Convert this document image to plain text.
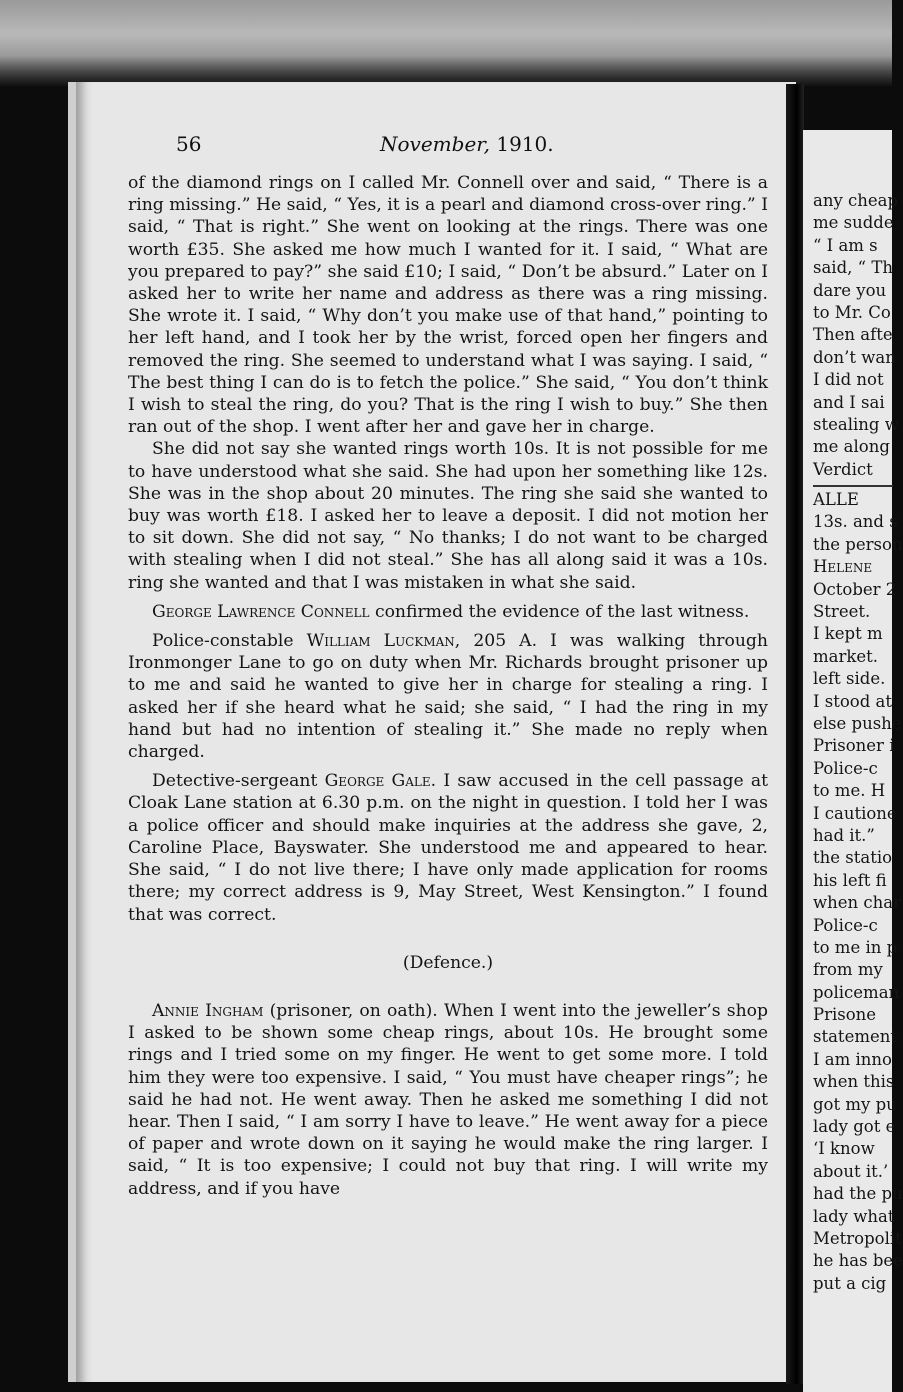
56	November, 1910.

of the diamond rings on I called Mr. Connell over and said, “ There is a ring missing.” He said, “ Yes, it is a pearl and diamond cross-over ring.” I said, “ That is right.” She went on looking at the rings. There was one worth £35. She asked me how much I wanted for it. I said, “ What are you prepared to pay?” she said £10; I said, “ Don’t be absurd.” Later on I asked her to write her name and address as there was a ring missing. She wrote it. I said, “ Why don’t you make use of that hand,” pointing to her left hand, and I took her by the wrist, forced open her fingers and removed the ring. She seemed to understand what I was saying. I said, “ The best thing I can do is to fetch the police.” She said, “ You don’t think I wish to steal the ring, do you? That is the ring I wish to buy.” She then ran out of the shop. I went after her and gave her in charge.

She did not say she wanted rings worth 10s. It is not possible for me to have understood what she said. She had upon her something like 12s. She was in the shop about 20 minutes. The ring she said she wanted to buy was worth £18. I asked her to leave a deposit. I did not motion her to sit down. She did not say, “ No thanks; I do not want to be charged with stealing when I did not steal.” She has all along said it was a 10s. ring she wanted and that I was mistaken in what she said.

George Lawrence Connell confirmed the evidence of the last witness.

Police-constable William Luckman, 205 A. I was walking through Ironmonger Lane to go on duty when Mr. Richards brought prisoner up to me and said he wanted to give her in charge for stealing a ring. I asked her if she heard what he said; she said, “ I had the ring in my hand but had no intention of stealing it.” She made no reply when charged.

Detective-sergeant George Gale. I saw accused in the cell passage at Cloak Lane station at 6.30 p.m. on the night in question. I told her I was a police officer and should make inquiries at the address she gave, 2, Caroline Place, Bayswater. She understood me and appeared to hear. She said, “ I do not live there; I have only made application for rooms there; my correct address is 9, May Street, West Kensington.” I found that was correct.

(Defence.)

Annie Ingham (prisoner, on oath). When I went into the jeweller’s shop I asked to be shown some cheap rings, about 10s. He brought some rings and I tried some on my finger. He went to get some more. I told him they were too expensive. I said, “ You must have cheaper rings”; he said he had not. He went away. Then he asked me something I did not hear. Then I said, “ I am sorry I have to leave.” He went away for a piece of paper and wrote down on it saying he would make the ring larger. I said, “ It is too expensive; I could not buy that ring. I will write my address, and if you have

any cheap
me sudde
“ I am s
said, “ Th
dare you
to Mr. Co
Then afte
don’t wan
I did not
and I sai
stealing w
me along
Verdict
ALLE
13s. and s
the person
Helene
October 2
Street.
I kept m
market.
left side.
I stood at
else pushe
Prisoner i
Police-c
to me. H
I cautione
had it.”
the statio
his left fi
when char
Police-c
to me in p
from my
policeman
Prisone
statement
I am inno
when this
got my pu
lady got e
‘I know
about it.’
had the pu
lady what
Metropolit
he has bee
put a cig
